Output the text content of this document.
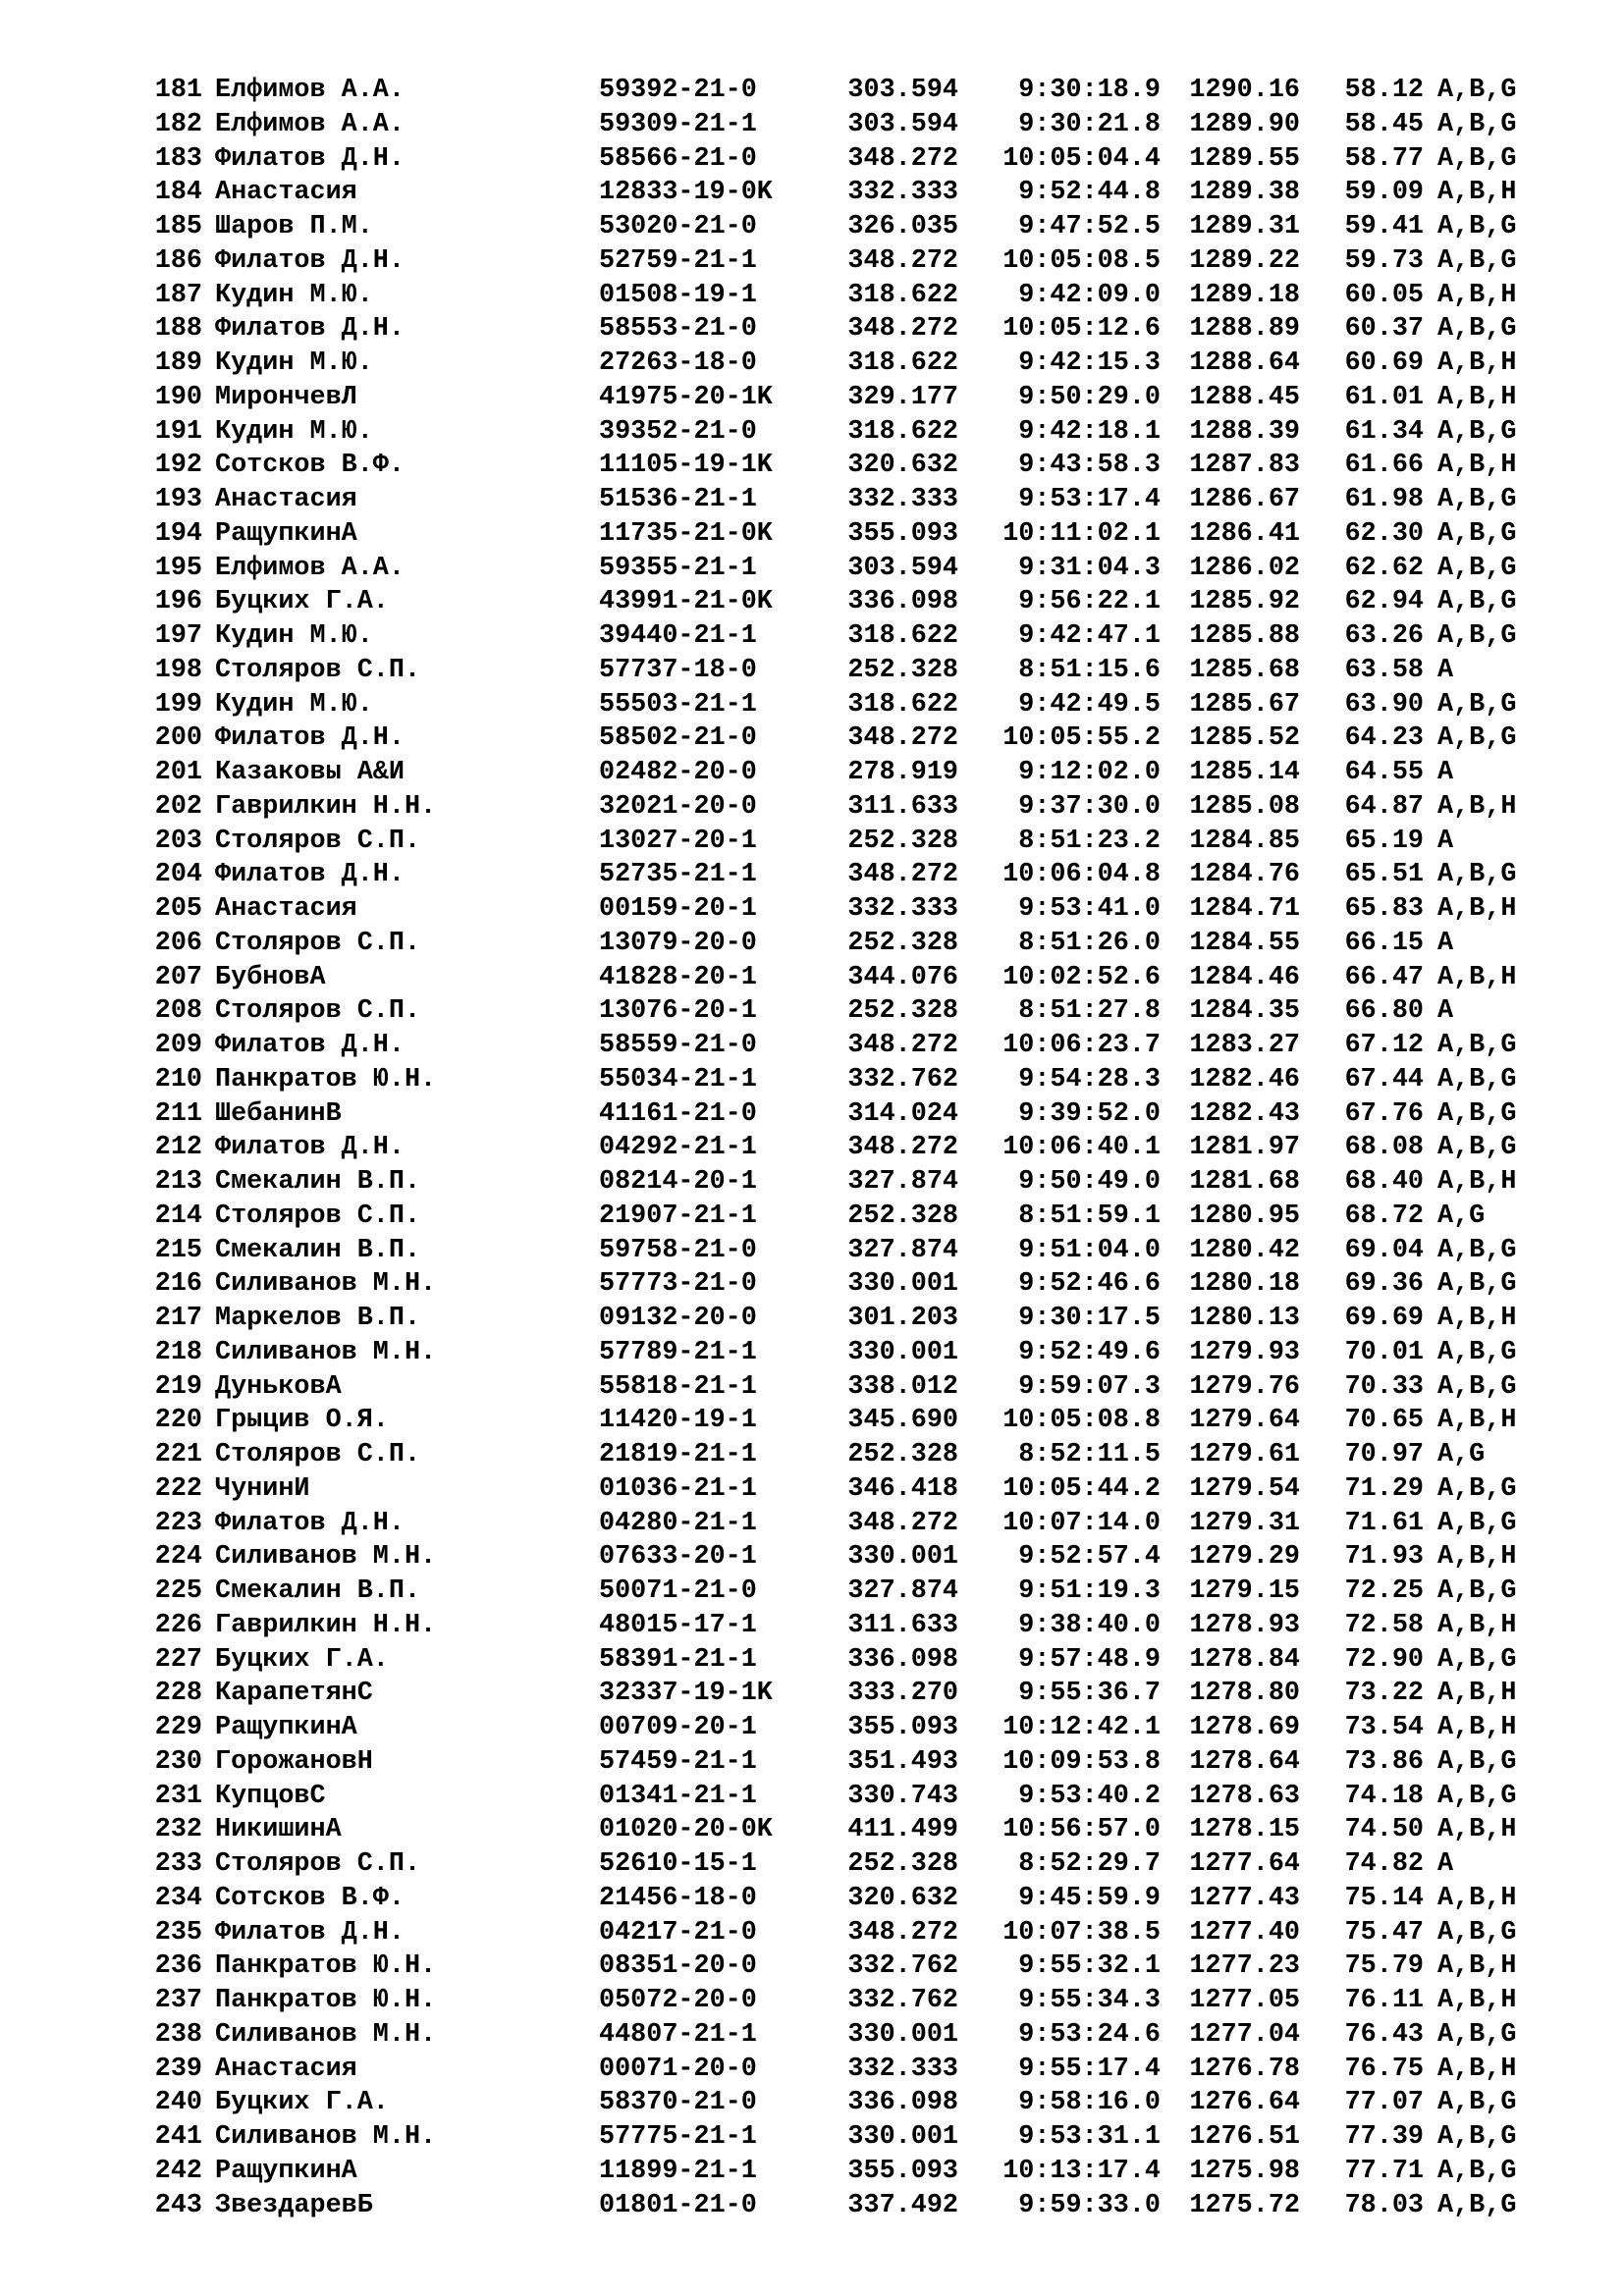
181 Елфимов А.А.	59392-21-0	303.594	9:30:18.9	1290.16 58.12 A,B,G
182 Елфимов А.А.	59309-21-1	303.594	9:30:21.8	1289.90 58.45 A,B,G
183 Филатов Д.Н.	58566-21-0	348.272	10:05:04.4	1289.55 58.77 A,B,G
184 Анастасия	12833-19-0K	332.333	9:52:44.8	1289.38 59.09 A,B,H
185 Шаров П.М.	53020-21-0	326.035	9:47:52.5	1289.31 59.41 A,B,G
186 Филатов Д.Н.	52759-21-1	348.272	10:05:08.5	1289.22 59.73 A,B,G
187 Кудин М.Ю.	01508-19-1	318.622	9:42:09.0	1289.18 60.05 A,B,H
188 Филатов Д.Н.	58553-21-0	348.272	10:05:12.6	1288.89 60.37 A,B,G
189 Кудин М.Ю.	27263-18-0	318.622	9:42:15.3	1288.64 60.69 A,B,H
190 МирончевЛ	41975-20-1K	329.177	9:50:29.0	1288.45 61.01 A,B,H
191 Кудин М.Ю.	39352-21-0	318.622	9:42:18.1	1288.39 61.34 A,B,G
192 Сотсков В.Ф.	11105-19-1K	320.632	9:43:58.3	1287.83 61.66 A,B,H
193 Анастасия	51536-21-1	332.333	9:53:17.4	1286.67 61.98 A,B,G
194 РащупкинА	11735-21-0K	355.093	10:11:02.1	1286.41 62.30 A,B,G
195 Елфимов А.А.	59355-21-1	303.594	9:31:04.3	1286.02 62.62 A,B,G
196 Буцких Г.А.	43991-21-0K	336.098	9:56:22.1	1285.92 62.94 A,B,G
197 Кудин М.Ю.	39440-21-1	318.622	9:42:47.1	1285.88 63.26 A,B,G
198 Столяров С.П.	57737-18-0	252.328	8:51:15.6	1285.68 63.58 A
199 Кудин М.Ю.	55503-21-1	318.622	9:42:49.5	1285.67 63.90 A,B,G
200 Филатов Д.Н.	58502-21-0	348.272	10:05:55.2	1285.52 64.23 A,B,G
201 Казаковы А&И	02482-20-0	278.919	9:12:02.0	1285.14 64.55 A
202 Гаврилкин Н.Н.	32021-20-0	311.633	9:37:30.0	1285.08 64.87 A,B,H
203 Столяров С.П.	13027-20-1	252.328	8:51:23.2	1284.85 65.19 A
204 Филатов Д.Н.	52735-21-1	348.272	10:06:04.8	1284.76 65.51 A,B,G
205 Анастасия	00159-20-1	332.333	9:53:41.0	1284.71 65.83 A,B,H
206 Столяров С.П.	13079-20-0	252.328	8:51:26.0	1284.55 66.15 A
207 БубновА	41828-20-1	344.076	10:02:52.6	1284.46 66.47 A,B,H
208 Столяров С.П.	13076-20-1	252.328	8:51:27.8	1284.35 66.80 A
209 Филатов Д.Н.	58559-21-0	348.272	10:06:23.7	1283.27 67.12 A,B,G
210 Панкратов Ю.Н.	55034-21-1	332.762	9:54:28.3	1282.46 67.44 A,B,G
211 ШебанинВ	41161-21-0	314.024	9:39:52.0	1282.43 67.76 A,B,G
212 Филатов Д.Н.	04292-21-1	348.272	10:06:40.1	1281.97 68.08 A,B,G
213 Смекалин В.П.	08214-20-1	327.874	9:50:49.0	1281.68 68.40 A,B,H
214 Столяров С.П.	21907-21-1	252.328	8:51:59.1	1280.95 68.72 A,G
215 Смекалин В.П.	59758-21-0	327.874	9:51:04.0	1280.42 69.04 A,B,G
216 Силиванов М.Н.	57773-21-0	330.001	9:52:46.6	1280.18 69.36 A,B,G
217 Маркелов В.П.	09132-20-0	301.203	9:30:17.5	1280.13 69.69 A,B,H
218 Силиванов М.Н.	57789-21-1	330.001	9:52:49.6	1279.93 70.01 A,B,G
219 ДуньковА	55818-21-1	338.012	9:59:07.3	1279.76 70.33 A,B,G
220 Грыцив О.Я.	11420-19-1	345.690	10:05:08.8	1279.64 70.65 A,B,H
221 Столяров С.П.	21819-21-1	252.328	8:52:11.5	1279.61 70.97 A,G
222 ЧунинИ	01036-21-1	346.418	10:05:44.2	1279.54 71.29 A,B,G
223 Филатов Д.Н.	04280-21-1	348.272	10:07:14.0	1279.31 71.61 A,B,G
224 Силиванов М.Н.	07633-20-1	330.001	9:52:57.4	1279.29 71.93 A,B,H
225 Смекалин В.П.	50071-21-0	327.874	9:51:19.3	1279.15 72.25 A,B,G
226 Гаврилкин Н.Н.	48015-17-1	311.633	9:38:40.0	1278.93 72.58 A,B,H
227 Буцких Г.А.	58391-21-1	336.098	9:57:48.9	1278.84 72.90 A,B,G
228 КарапетянС	32337-19-1K	333.270	9:55:36.7	1278.80 73.22 A,B,H
229 РащупкинА	00709-20-1	355.093	10:12:42.1	1278.69 73.54 A,B,H
230 ГорожановН	57459-21-1	351.493	10:09:53.8	1278.64 73.86 A,B,G
231 КупцовС	01341-21-1	330.743	9:53:40.2	1278.63 74.18 A,B,G
232 НикишинА	01020-20-0K	411.499	10:56:57.0	1278.15 74.50 A,B,H
233 Столяров С.П.	52610-15-1	252.328	8:52:29.7	1277.64 74.82 A
234 Сотсков В.Ф.	21456-18-0	320.632	9:45:59.9	1277.43 75.14 A,B,H
235 Филатов Д.Н.	04217-21-0	348.272	10:07:38.5	1277.40 75.47 A,B,G
236 Панкратов Ю.Н.	08351-20-0	332.762	9:55:32.1	1277.23 75.79 A,B,H
237 Панкратов Ю.Н.	05072-20-0	332.762	9:55:34.3	1277.05 76.11 A,B,H
238 Силиванов М.Н.	44807-21-1	330.001	9:53:24.6	1277.04 76.43 A,B,G
239 Анастасия	00071-20-0	332.333	9:55:17.4	1276.78 76.75 A,B,H
240 Буцких Г.А.	58370-21-0	336.098	9:58:16.0	1276.64 77.07 A,B,G
241 Силиванов М.Н.	57775-21-1	330.001	9:53:31.1	1276.51 77.39 A,B,G
242 РащупкинА	11899-21-1	355.093	10:13:17.4	1275.98 77.71 A,B,G
243 ЗвездаревБ	01801-21-0	337.492	9:59:33.0	1275.72 78.03 A,B,G
